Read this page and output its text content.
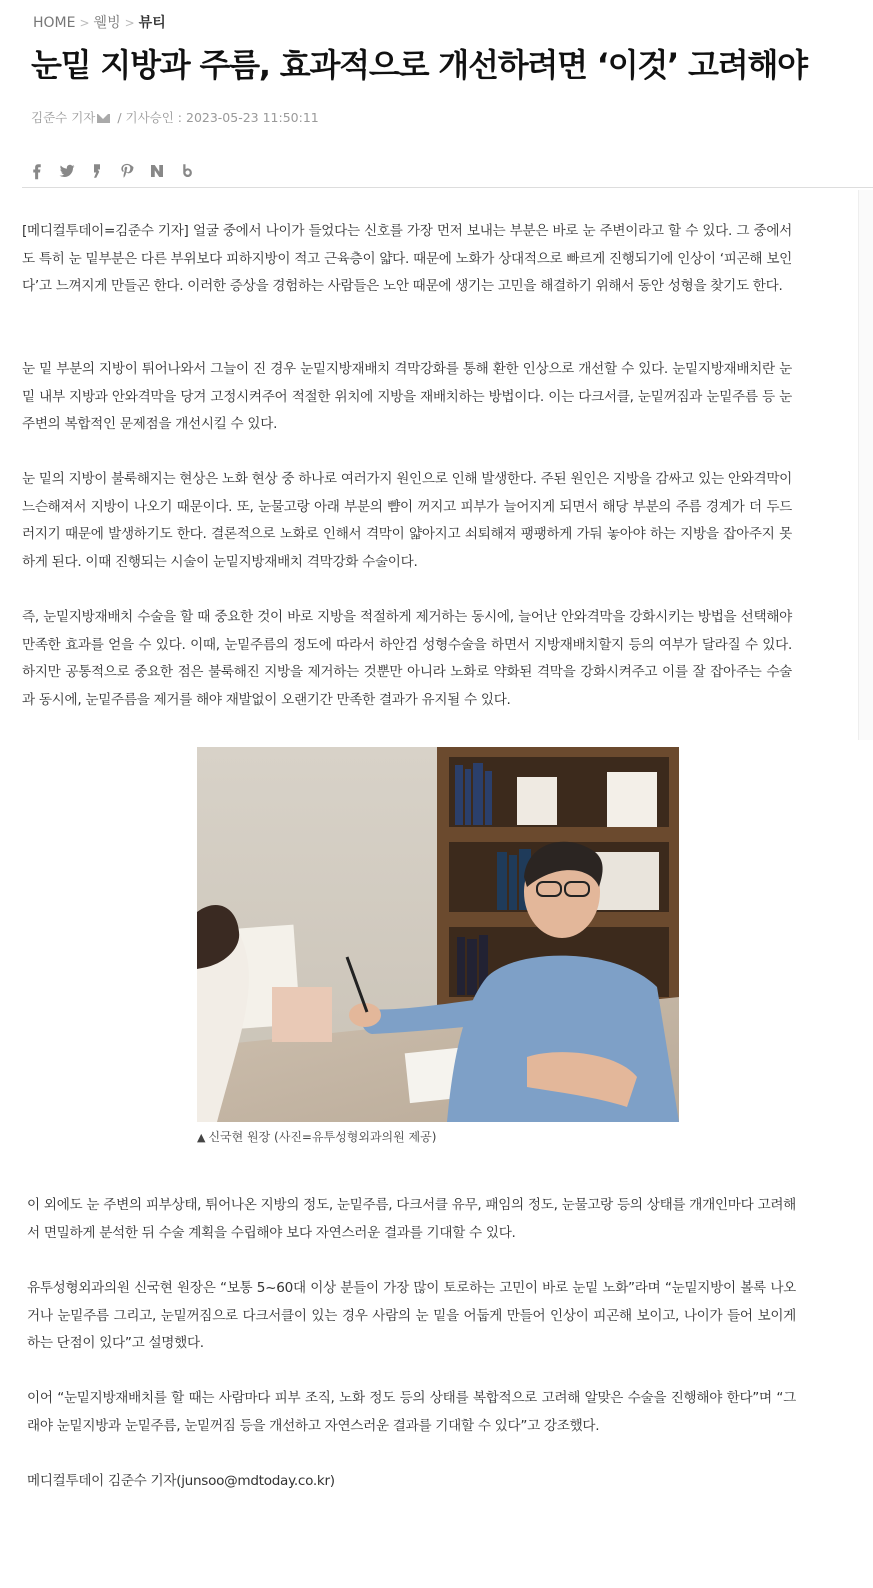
HOME > 웰빙 > 뷰티
눈밑 지방과 주름, 효과적으로 개선하려면 ‘이것’ 고려해야
김준수 기자 / 기사승인 : 2023-05-23 11:50:11

[메디컬투데이=김준수 기자] 얼굴 중에서 나이가 들었다는 신호를 가장 먼저 보내는 부분은 바로 눈 주변이라고 할 수 있다. 그 중에서도 특히 눈 밑부분은 다른 부위보다 피하지방이 적고 근육층이 얇다. 때문에 노화가 상대적으로 빠르게 진행되기에 인상이 ‘피곤해 보인다’고 느껴지게 만들곤 한다. 이러한 증상을 경험하는 사람들은 노안 때문에 생기는 고민을 해결하기 위해서 동안 성형을 찾기도 한다.

눈 밑 부분의 지방이 튀어나와서 그늘이 진 경우 눈밑지방재배치 격막강화를 통해 환한 인상으로 개선할 수 있다. 눈밑지방재배치란 눈 밑 내부 지방과 안와격막을 당겨 고정시켜주어 적절한 위치에 지방을 재배치하는 방법이다. 이는 다크서클, 눈밑꺼짐과 눈밑주름 등 눈 주변의 복합적인 문제점을 개선시킬 수 있다.

눈 밑의 지방이 불룩해지는 현상은 노화 현상 중 하나로 여러가지 원인으로 인해 발생한다. 주된 원인은 지방을 감싸고 있는 안와격막이 느슨해져서 지방이 나오기 때문이다. 또, 눈물고랑 아래 부분의 뺨이 꺼지고 피부가 늘어지게 되면서 해당 부분의 주름 경계가 더 두드러지기 때문에 발생하기도 한다. 결론적으로 노화로 인해서 격막이 얇아지고 쇠퇴해져 팽팽하게 가둬 놓아야 하는 지방을 잡아주지 못하게 된다. 이때 진행되는 시술이 눈밑지방재배치 격막강화 수술이다.

즉, 눈밑지방재배치 수술을 할 때 중요한 것이 바로 지방을 적절하게 제거하는 동시에, 늘어난 안와격막을 강화시키는 방법을 선택해야 만족한 효과를 얻을 수 있다. 이때, 눈밑주름의 정도에 따라서 하안검 성형수술을 하면서 지방재배치할지 등의 여부가 달라질 수 있다. 하지만 공통적으로 중요한 점은 불룩해진 지방을 제거하는 것뿐만 아니라 노화로 약화된 격막을 강화시켜주고 이를 잘 잡아주는 수술과 동시에, 눈밑주름을 제거를 해야 재발없이 오랜기간 만족한 결과가 유지될 수 있다.

▲ 신국현 원장 (사진=유투성형외과의원 제공)

이 외에도 눈 주변의 피부상태, 튀어나온 지방의 정도, 눈밑주름, 다크서클 유무, 패임의 정도, 눈물고랑 등의 상태를 개개인마다 고려해서 면밀하게 분석한 뒤 수술 계획을 수립해야 보다 자연스러운 결과를 기대할 수 있다.

유투성형외과의원 신국현 원장은 “보통 5~60대 이상 분들이 가장 많이 토로하는 고민이 바로 눈밑 노화”라며 “눈밑지방이 볼록 나오거나 눈밑주름 그리고, 눈밑꺼짐으로 다크서클이 있는 경우 사람의 눈 밑을 어둡게 만들어 인상이 피곤해 보이고, 나이가 들어 보이게 하는 단점이 있다”고 설명했다.

이어 “눈밑지방재배치를 할 때는 사람마다 피부 조직, 노화 정도 등의 상태를 복합적으로 고려해 알맞은 수술을 진행해야 한다”며 “그래야 눈밑지방과 눈밑주름, 눈밑꺼짐 등을 개선하고 자연스러운 결과를 기대할 수 있다”고 강조했다.

메디컬투데이 김준수 기자(junsoo@mdtoday.co.kr)
